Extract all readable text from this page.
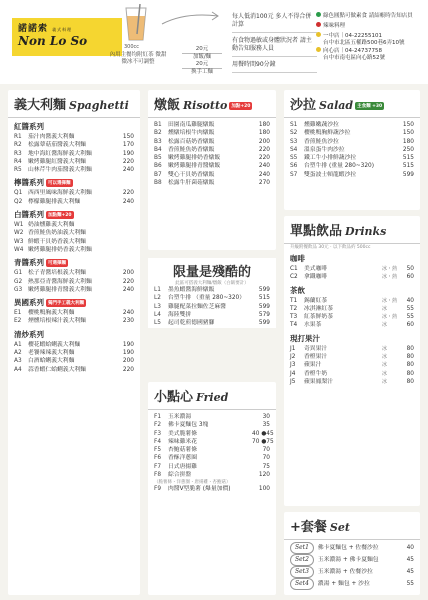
諾諾索 義式料理
Non Lo So	300cc
內用主餐均附紅茶 微甜微冰不可調整
20元
加飯/麵
20元
換手工麵
每人低消100元 多人不得合併計算
有食物過敏或身體狀況者 請主動告知服務人員
用餐時間90分鐘
綠色圓點可做素食 請結帳時告知店員
辣味料理
一中店｜04-22255101
台中市北區五權路500巷6弄10號
向心店｜04-24737758
台中市南屯區向心路52號
義大利麵 Spaghetti
紅醬系列
R1	茄汁肉醬義大利麵	150
R2	松露蕈菇茄醬義大利麵	170
R3	地中海紅醬海鮮義大利麵	190
R4	嫩烤雞腿紅醬義大利麵	220
R5	山林芹牛肉茄醬義大利麵	240
檸醬系列 可以選擇麵
Q1 西西里風味海鮮義大利麵	220
Q2 檸檬雞腿排義大利麵	240
白醬系列 加點麵+20
W1 奶油燻雞義大利麵
W2 香煎鮭魚奶油義大利麵
W3 鮮蝦干貝奶香義大利麵
W4 嫩烤雞腿排奶香義大利麵
青醬系列 可選擇麵
G1	松子青醬培根義大利麵	200
G2	熱那亞青醬海鮮義大利麵	220
G3	嫩烤雞腿排青醬義大利麵	240
異國系列 獨門手工義大利麵
E1	櫻桃鴨胸義大利麵	240
E2	煙燻培根辣汁義大利麵	230
清炒系列
A1	櫻花蝦蛤蜊義大利麵	190
A2	老饕辣辣義大利麵	190
A3	白酒蛤蜊義大利麵	200
A4	蒜香蝦仁蛤蜊義大利麵	220
燉飯 Risotto 加點+20
B1	田園南瓜雞腿燉飯	180
B2	燻燉培根牛肉燉飯	180
B3	松露百菇奶香燉飯	200
B4	香煎鮭魚奶香燉飯	220
B5	嫩烤雞腿排奶香燉飯	220
B6	嫩烤雞腿排青醬燉飯	240
B7	雙心干貝奶香燉飯	240
B8	松露牛肝菌菇燉飯	270
限量是殘酷的
此區可搭義大利麵/燉飯（白飯要計）
L1	墨魚蝦醬海鮮燉飯	599
L2	台塑牛排 （重量 280~320）	515
L3	雞腿配菜拉麵佐芝麻醬	599
L4	海陸雙拼	579
L5	起司乾煎德國豬腳	599
小點心 Fried
F1	玉米濃湯	30
F2	佛卡夏麵包 3塊	35
F3	美式脆薯條	40 ●45
F4	辣味雞米花	70 ●75
F5	杏鮑菇薯條	70
F6	香酥洋蔥圈	70
F7	日式唐揚雞	75
F8	綜合拼盤	120
（脆薯條・洋蔥圈・唐揚雞・杏鮑菇）
F9	肉醬V型脆薯 (爆量加價)	100
沙拉 Salad 主食麵 +30
S1	燻雞嫩蔬沙拉	150
S2	櫻桃鴨胸鮮蔬沙拉	150
S3	香煎鮭魚沙拉	180
S4	溫泉蛋牛肉沙拉	250
S5	鐵工牛小排鮮蔬沙拉	515
S6	台塑牛排 (重量 280~320)	515
S7	雙蛋波士頓龍蝦沙拉	599
單點飲品 Drinks
升級附餐飲品 30元 · 以下飲品約 500cc
咖啡
C1	美式咖啡	冰・熱	50
C2	拿鐵咖啡	冰・熱	60
茶飲
T1	錫蘭紅茶	冰・熱	40
T2	冰淇淋紅茶	冰	55
T3	紅茶鮮奶茶	冰・熱	55
T4	水果茶	冰	60
現打果汁
J1	奇異果汁	冰	80
J2	香橙果汁	冰	80
J3	蘋果汁	冰	80
J4	香橙牛奶	冰	80
J5	蘋果鳳梨汁	冰	80
+套餐 Set
Set1	佛卡夏麵包 + 佐餐沙拉	40
Set2	玉米濃湯 + 佛卡夏麵包	45
Set3	玉米濃湯 + 佐餐沙拉	45
Set4	濃湯 + 麵包 + 沙拉	55
